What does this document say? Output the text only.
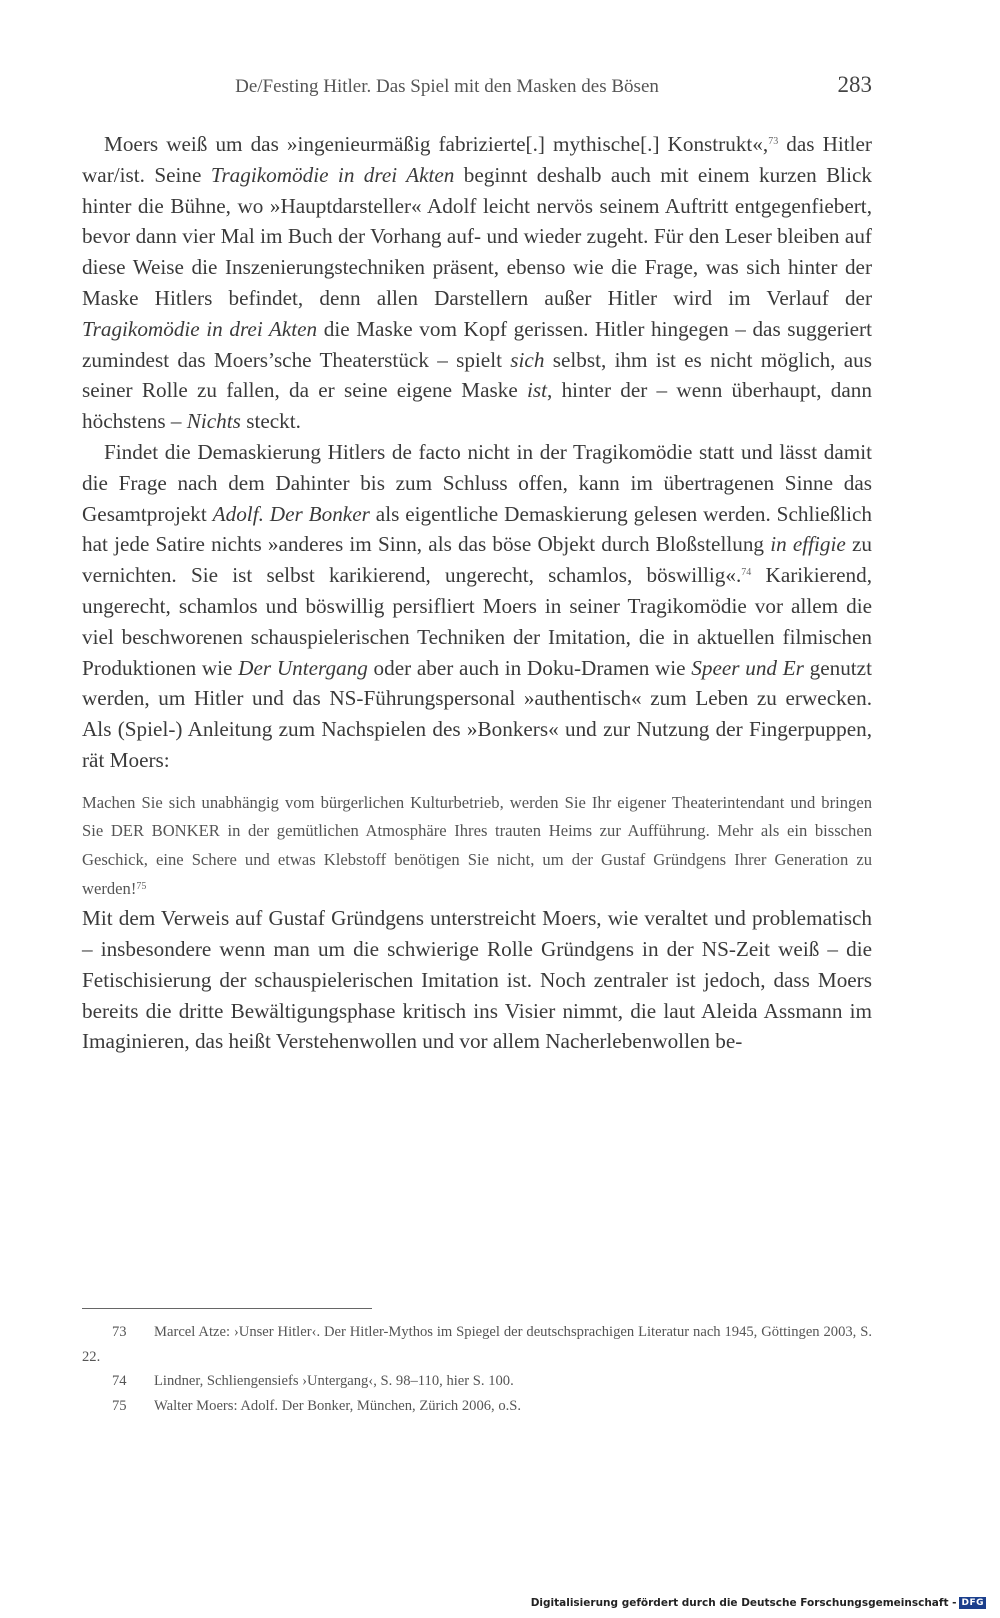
De/Festing Hitler. Das Spiel mit den Masken des Bösen	283

Moers weiß um das »ingenieurmäßig fabrizierte[.] mythische[.] Konstrukt«,$^{73}$ das Hitler war/ist. Seine Tragikomödie in drei Akten beginnt deshalb auch mit einem kurzen Blick hinter die Bühne, wo »Hauptdarsteller« Adolf leicht nervös seinem Auftritt entgegenfiebert, bevor dann vier Mal im Buch der Vorhang auf- und wieder zugeht. Für den Leser bleiben auf diese Weise die Inszenierungstechniken präsent, ebenso wie die Frage, was sich hinter der Maske Hitlers befindet, denn allen Darstellern außer Hitler wird im Verlauf der Tragikomödie in drei Akten die Maske vom Kopf gerissen. Hitler hingegen – das suggeriert zumindest das Moers’sche Theaterstück – spielt sich selbst, ihm ist es nicht möglich, aus seiner Rolle zu fallen, da er seine eigene Maske ist, hinter der – wenn überhaupt, dann höchstens – Nichts steckt.

Findet die Demaskierung Hitlers de facto nicht in der Tragikomödie statt und lässt damit die Frage nach dem Dahinter bis zum Schluss offen, kann im übertragenen Sinne das Gesamtprojekt Adolf. Der Bonker als eigentliche Demaskierung gelesen werden. Schließlich hat jede Satire nichts »anderes im Sinn, als das böse Objekt durch Bloßstellung in effigie zu vernichten. Sie ist selbst karikierend, ungerecht, schamlos, böswillig«.$^{74}$ Karikierend, ungerecht, schamlos und böswillig persifliert Moers in seiner Tragikomödie vor allem die viel beschworenen schauspielerischen Techniken der Imitation, die in aktuellen filmischen Produktionen wie Der Untergang oder aber auch in Doku-Dramen wie Speer und Er genutzt werden, um Hitler und das NS-Führungspersonal »authentisch« zum Leben zu erwecken. Als (Spiel-) Anleitung zum Nachspielen des »Bonkers« und zur Nutzung der Fingerpuppen, rät Moers:

Machen Sie sich unabhängig vom bürgerlichen Kulturbetrieb, werden Sie Ihr eigener Theaterintendant und bringen Sie DER BONKER in der gemütlichen Atmosphäre Ihres trauten Heims zur Aufführung. Mehr als ein bisschen Geschick, eine Schere und etwas Klebstoff benötigen Sie nicht, um der Gustaf Gründgens Ihrer Generation zu werden!$^{75}$

Mit dem Verweis auf Gustaf Gründgens unterstreicht Moers, wie veraltet und problematisch – insbesondere wenn man um die schwierige Rolle Gründgens in der NS-Zeit weiß – die Fetischisierung der schauspielerischen Imitation ist. Noch zentraler ist jedoch, dass Moers bereits die dritte Bewältigungsphase kritisch ins Visier nimmt, die laut Aleida Assmann im Imaginieren, das heißt Verstehenwollen und vor allem Nacherlebenwollen be-

73 Marcel Atze: ›Unser Hitler‹. Der Hitler-Mythos im Spiegel der deutschsprachigen Literatur nach 1945, Göttingen 2003, S. 22.

74 Lindner, Schliengensiefs ›Untergang‹, S. 98–110, hier S. 100.

75 Walter Moers: Adolf. Der Bonker, München, Zürich 2006, o.S.

Digitalisierung gefördert durch die Deutsche Forschungsgemeinschaft - DFG
